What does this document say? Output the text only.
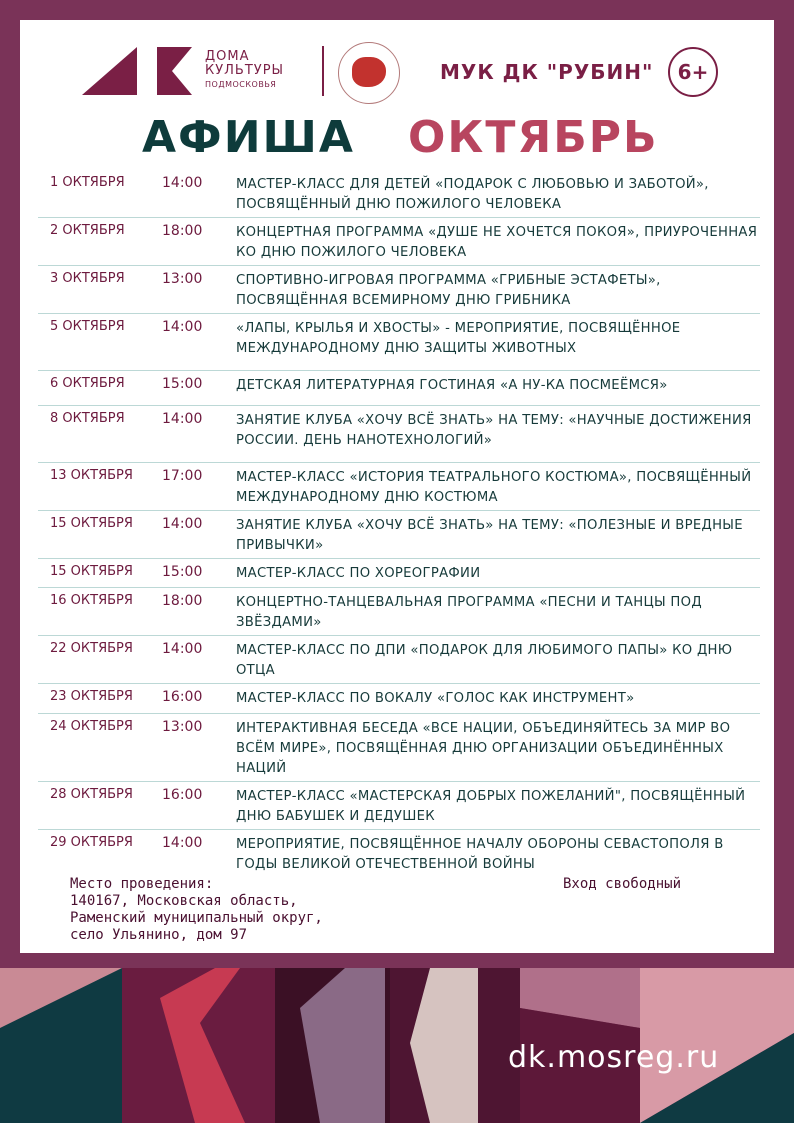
ДОМА
КУЛЬТУРЫ
ПОДМОСКОВЬЯ
МУК ДК "РУБИН"	6+
АФИША ОКТЯБРЬ
1 ОКТЯБРЯ	14:00	МАСТЕР-КЛАСС ДЛЯ ДЕТЕЙ «ПОДАРОК С ЛЮБОВЬЮ И ЗАБОТОЙ», ПОСВЯЩЁННЫЙ ДНЮ ПОЖИЛОГО ЧЕЛОВЕКА
2 ОКТЯБРЯ	18:00	КОНЦЕРТНАЯ ПРОГРАММА «ДУШЕ НЕ ХОЧЕТСЯ ПОКОЯ», ПРИУРОЧЕННАЯ КО ДНЮ ПОЖИЛОГО ЧЕЛОВЕКА
3 ОКТЯБРЯ	13:00	СПОРТИВНО-ИГРОВАЯ ПРОГРАММА «ГРИБНЫЕ ЭСТАФЕТЫ», ПОСВЯЩЁННАЯ ВСЕМИРНОМУ ДНЮ ГРИБНИКА
5 ОКТЯБРЯ	14:00	«ЛАПЫ, КРЫЛЬЯ И ХВОСТЫ» - МЕРОПРИЯТИЕ, ПОСВЯЩЁННОЕ МЕЖДУНАРОДНОМУ ДНЮ ЗАЩИТЫ ЖИВОТНЫХ
6 ОКТЯБРЯ	15:00	ДЕТСКАЯ ЛИТЕРАТУРНАЯ ГОСТИНАЯ «А НУ-КА ПОСМЕЁМСЯ»
8 ОКТЯБРЯ	14:00	ЗАНЯТИЕ КЛУБА «ХОЧУ ВСЁ ЗНАТЬ» НА ТЕМУ: «НАУЧНЫЕ ДОСТИЖЕНИЯ РОССИИ. ДЕНЬ НАНОТЕХНОЛОГИЙ»
13 ОКТЯБРЯ 17:00	МАСТЕР-КЛАСС «ИСТОРИЯ ТЕАТРАЛЬНОГО КОСТЮМА», ПОСВЯЩЁННЫЙ МЕЖДУНАРОДНОМУ ДНЮ КОСТЮМА
15 ОКТЯБРЯ 14:00	ЗАНЯТИЕ КЛУБА «ХОЧУ ВСЁ ЗНАТЬ» НА ТЕМУ: «ПОЛЕЗНЫЕ И ВРЕДНЫЕ ПРИВЫЧКИ»
15 ОКТЯБРЯ 15:00	МАСТЕР-КЛАСС ПО ХОРЕОГРАФИИ
16 ОКТЯБРЯ 18:00	КОНЦЕРТНО-ТАНЦЕВАЛЬНАЯ ПРОГРАММА «ПЕСНИ И ТАНЦЫ ПОД ЗВЁЗДАМИ»
22 ОКТЯБРЯ 14:00	МАСТЕР-КЛАСС ПО ДПИ «ПОДАРОК ДЛЯ ЛЮБИМОГО ПАПЫ» КО ДНЮ ОТЦА
23 ОКТЯБРЯ 16:00	МАСТЕР-КЛАСС ПО ВОКАЛУ «ГОЛОС КАК ИНСТРУМЕНТ»
24 ОКТЯБРЯ 13:00	ИНТЕРАКТИВНАЯ БЕСЕДА «ВСЕ НАЦИИ, ОБЪЕДИНЯЙТЕСЬ ЗА МИР ВО ВСЁМ МИРЕ», ПОСВЯЩЁННАЯ ДНЮ ОРГАНИЗАЦИИ ОБЪЕДИНЁННЫХ НАЦИЙ
28 ОКТЯБРЯ 16:00	МАСТЕР-КЛАСС «МАСТЕРСКАЯ ДОБРЫХ ПОЖЕЛАНИЙ", ПОСВЯЩЁННЫЙ ДНЮ БАБУШЕК И ДЕДУШЕК
29 ОКТЯБРЯ 14:00	МЕРОПРИЯТИЕ, ПОСВЯЩЁННОЕ НАЧАЛУ ОБОРОНЫ СЕВАСТОПОЛЯ В ГОДЫ ВЕЛИКОЙ ОТЕЧЕСТВЕННОЙ ВОЙНЫ
Место проведения:
140167, Московская область,
Раменский муниципальный округ,
село Ульянино, дом 97
Вход свободный
dk.mosreg.ru
